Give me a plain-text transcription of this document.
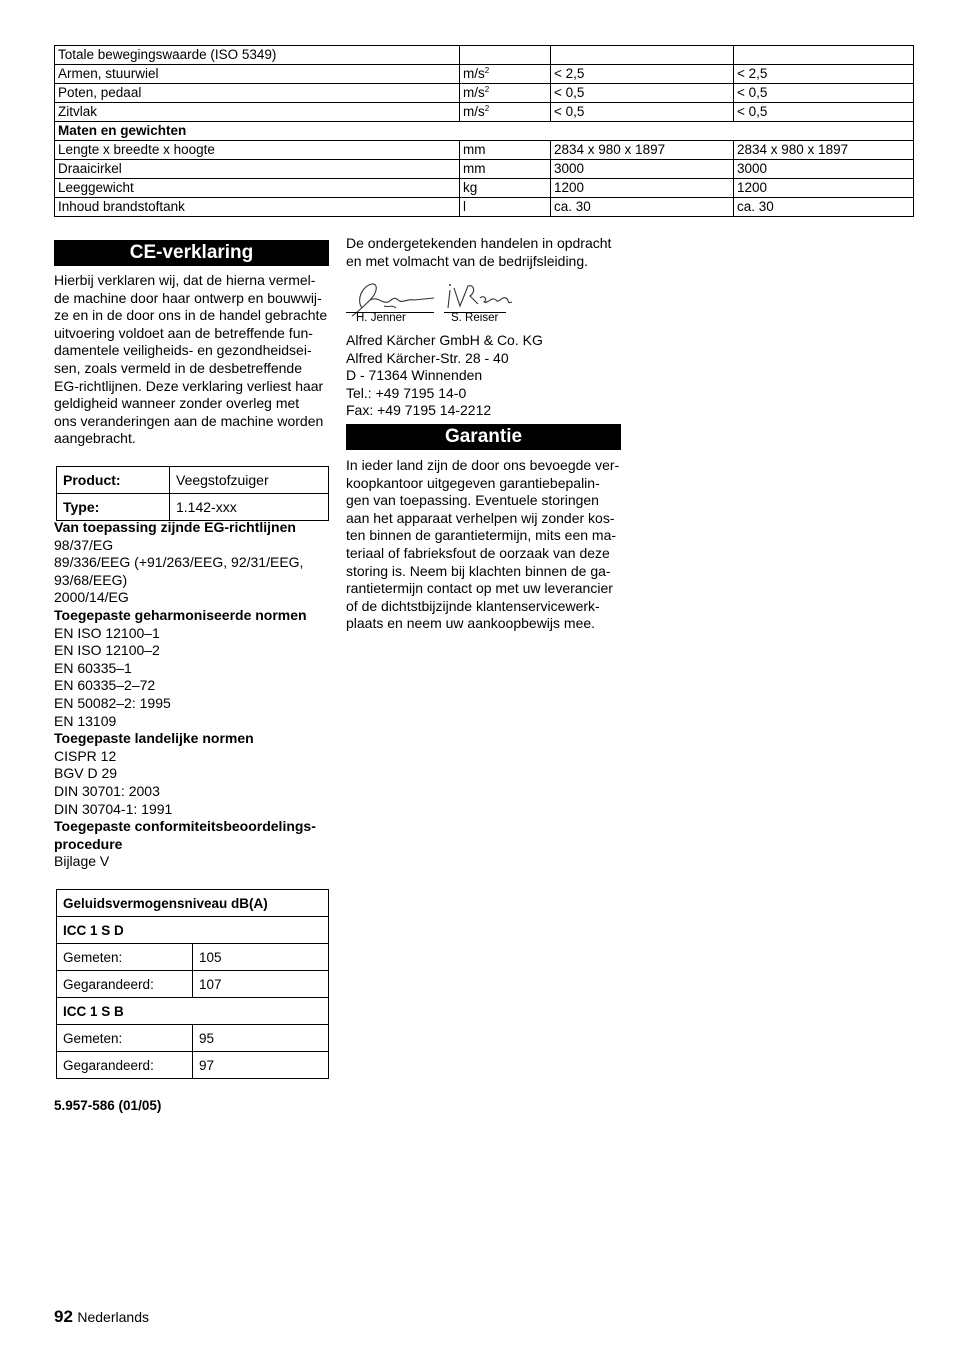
Totale bewegingswaarde (ISO 5349)			
Armen, stuurwiel	$m/s^2$	< 2,5	< 2,5
Poten, pedaal	$m/s^2$	< 0,5	< 0,5
Zitvlak	$m/s^2$	< 0,5	< 0,5
Maten en gewichten			
Lengte x breedte x hoogte	mm	2834 x 980 x 1897	2834 x 980 x 1897
Draaicirkel	mm	3000	3000
Leeggewicht	kg	1200	1200
Inhoud brandstoftank	l	ca. 30	ca. 30
CE-verklaring
Hierbij verklaren wij, dat de hierna vermel-
de machine door haar ontwerp en bouwwij-
ze en in de door ons in de handel gebrachte
uitvoering voldoet aan de betreffende fun-
damentele veiligheids- en gezondheidsei-
sen, zoals vermeld in de desbetreffende
EG-richtlijnen. Deze verklaring verliest haar
geldigheid wanneer zonder overleg met
ons veranderingen aan de machine worden
aangebracht.
Product:	Veegstofzuiger
Type:	1.142-xxx
Van toepassing zijnde EG-richtlijnen
98/37/EG
89/336/EEG (+91/263/EEG, 92/31/EEG,
93/68/EEG)
2000/14/EG
Toegepaste geharmoniseerde normen
EN ISO 12100–1
EN ISO 12100–2
EN 60335–1
EN 60335–2–72
EN 50082–2: 1995
EN 13109
Toegepaste landelijke normen
CISPR 12
BGV D 29
DIN 30701: 2003
DIN 30704-1: 1991
Toegepaste conformiteitsbeoordelings-
procedure
Bijlage V
Geluidsvermogensniveau dB(A)	
ICC 1 S D	
Gemeten:	105
Gegarandeerd:	107
ICC 1 S B	
Gemeten:	95
Gegarandeerd:	97
5.957-586 (01/05)
De ondergetekenden handelen in opdracht
en met volmacht van de bedrijfsleiding.
H. Jenner	S. Reiser
Alfred Kärcher GmbH & Co. KG
Alfred Kärcher-Str. 28 - 40
D - 71364 Winnenden
Tel.: +49 7195 14-0
Fax: +49 7195 14-2212
Garantie
In ieder land zijn de door ons bevoegde ver-
koopkantoor uitgegeven garantiebepalin-
gen van toepassing. Eventuele storingen
aan het apparaat verhelpen wij zonder kos-
ten binnen de garantietermijn, mits een ma-
teriaal of fabrieksfout de oorzaak van deze
storing is. Neem bij klachten binnen de ga-
rantietermijn contact op met uw leverancier
of de dichtstbijzijnde klantenservicewerk-
plaats en neem uw aankoopbewijs mee.
92 Nederlands
